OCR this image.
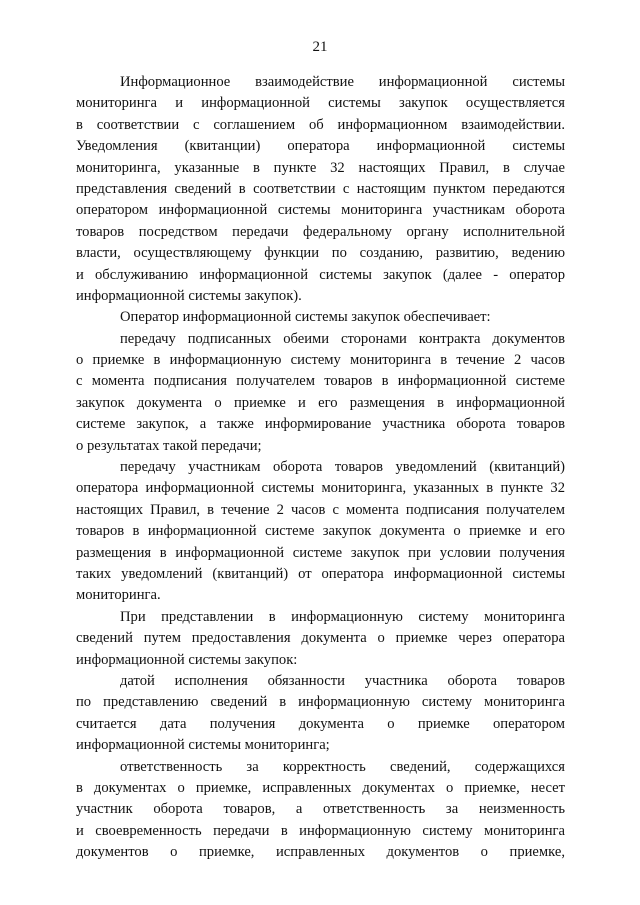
21
Информационное взаимодействие информационной системы
мониторинга и информационной системы закупок осуществляется
в соответствии с соглашением об информационном взаимодействии.
Уведомления (квитанции) оператора информационной системы
мониторинга, указанные в пункте 32 настоящих Правил, в случае
представления сведений в соответствии с настоящим пунктом передаются
оператором информационной системы мониторинга участникам оборота
товаров посредством передачи федеральному органу исполнительной
власти, осуществляющему функции по созданию, развитию, ведению
и обслуживанию информационной системы закупок (далее - оператор
информационной системы закупок).
Оператор информационной системы закупок обеспечивает:
передачу подписанных обеими сторонами контракта документов
о приемке в информационную систему мониторинга в течение 2 часов
с момента подписания получателем товаров в информационной системе
закупок документа о приемке и его размещения в информационной
системе закупок, а также информирование участника оборота товаров
о результатах такой передачи;
передачу участникам оборота товаров уведомлений (квитанций)
оператора информационной системы мониторинга, указанных в пункте 32
настоящих Правил, в течение 2 часов с момента подписания получателем
товаров в информационной системе закупок документа о приемке и его
размещения в информационной системе закупок при условии получения
таких уведомлений (квитанций) от оператора информационной системы
мониторинга.
При представлении в информационную систему мониторинга
сведений путем предоставления документа о приемке через оператора
информационной системы закупок:
датой исполнения обязанности участника оборота товаров
по представлению сведений в информационную систему мониторинга
считается дата получения документа о приемке оператором
информационной системы мониторинга;
ответственность за корректность сведений, содержащихся
в документах о приемке, исправленных документах о приемке, несет
участник оборота товаров, а ответственность за неизменность
и своевременность передачи в информационную систему мониторинга
документов о приемке, исправленных документов о приемке,
